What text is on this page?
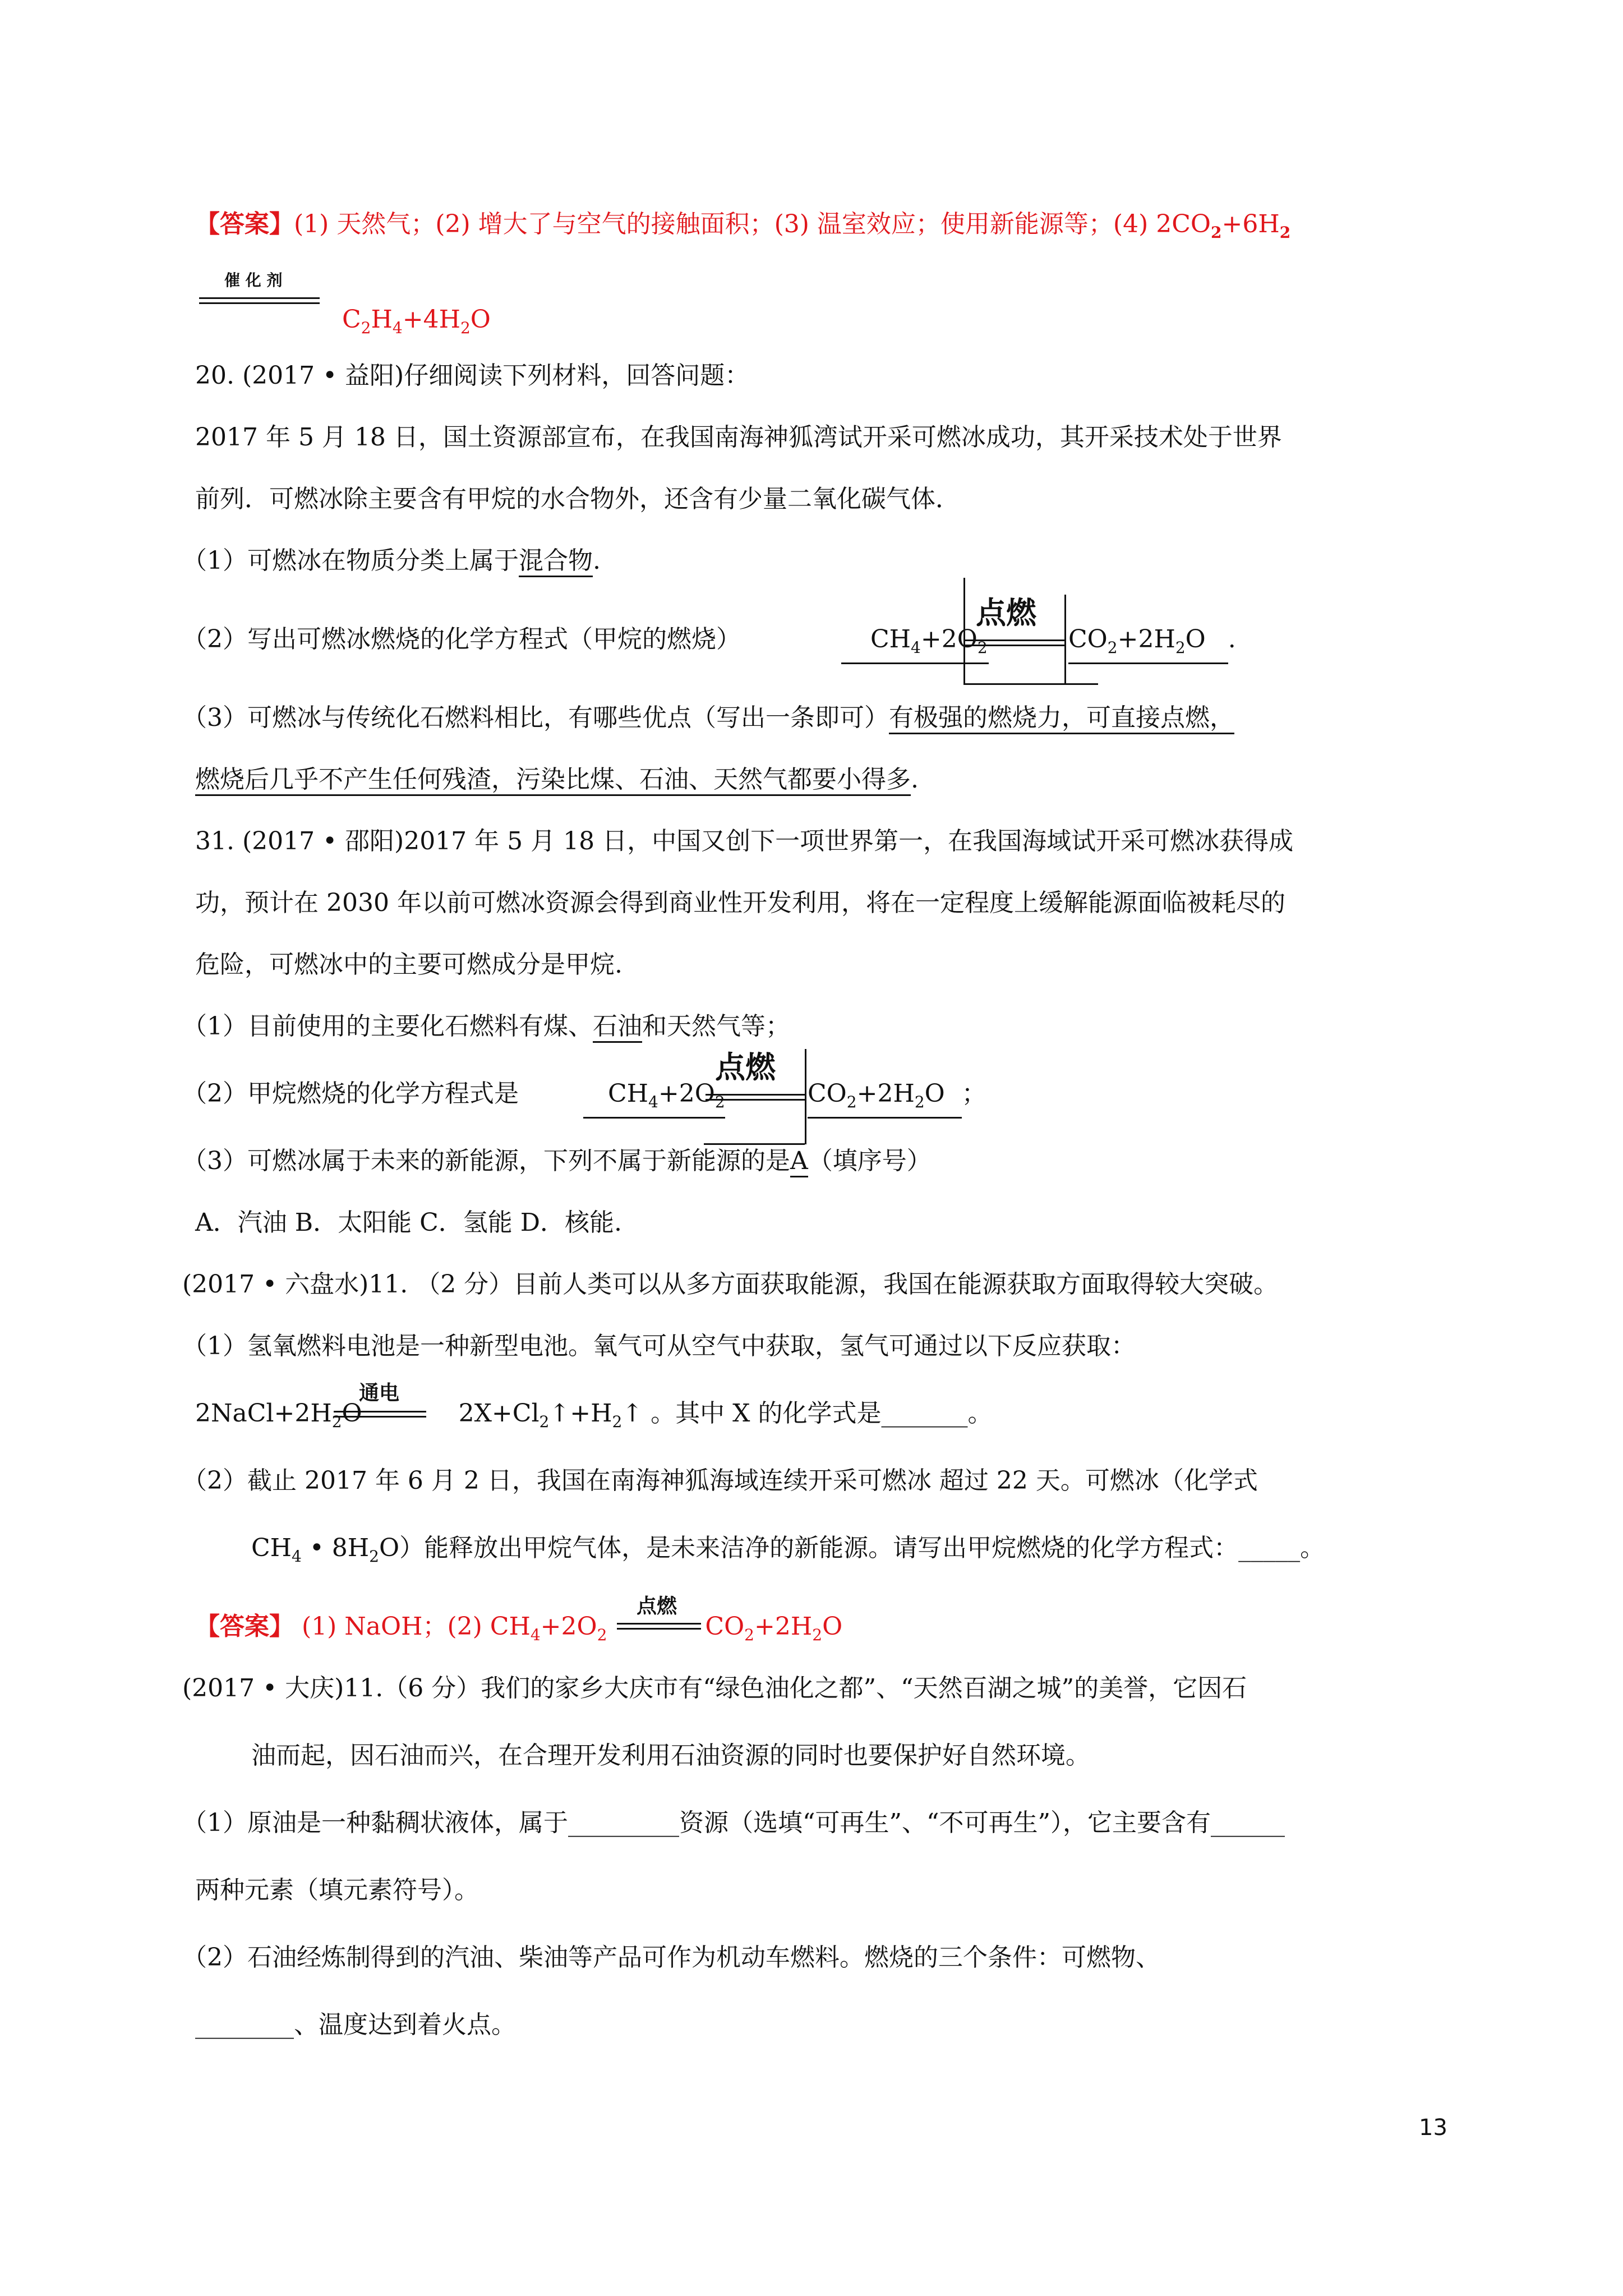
【答案】(1) 天然气；(2) 增大了与空气的接触面积；(3) 温室效应；使用新能源等；(4) $2CO_2+6H_2$
催 化 剂
$C_2H_4+4H_2O$
20. (2017 • 益阳)仔细阅读下列材料，回答问题：
2017 年 5 月 18 日，国土资源部宣布，在我国南海神狐湾试开采可燃冰成功，其开采技术处于世界
前列．可燃冰除主要含有甲烷的水合物外，还含有少量二氧化碳气体．
（1）可燃冰在物质分类上属于混合物.
（2）写出可燃冰燃烧的化学方程式（甲烷的燃烧）
点燃
$CH_4+2O_2$	$CO_2+2H_2O$ .
（3）可燃冰与传统化石燃料相比，有哪些优点（写出一条即可）有极强的燃烧力，可直接点燃，
燃烧后几乎不产生任何残渣，污染比煤、石油、天然气都要小得多.
31. (2017 • 邵阳)2017 年 5 月 18 日，中国又创下一项世界第一，在我国海域试开采可燃冰获得成
功，预计在 2030 年以前可燃冰资源会得到商业性开发利用，将在一定程度上缓解能源面临被耗尽的
危险，可燃冰中的主要可燃成分是甲烷.
（1）目前使用的主要化石燃料有煤、石油和天然气等；
（2）甲烷燃烧的化学方程式是
点燃
$CH_4+2O_2$	$CO_2+2H_2O$ ；
（3）可燃冰属于未来的新能源，下列不属于新能源的是A（填序号）
A．汽油 B．太阳能 C．氢能 D．核能.
(2017 • 六盘水)11. （2 分）目前人类可以从多方面获取能源，我国在能源获取方面取得较大突破。
（1）氢氧燃料电池是一种新型电池。氧气可从空气中获取，氢气可通过以下反应获取：
通电
$2NaCl+2H_2O$	$2X+Cl_2↑+H_2↑$ 。其中 X 的化学式是_______。
（2）截止 2017 年 6 月 2 日，我国在南海神狐海域连续开采可燃冰 超过 22 天。可燃冰（化学式
$CH_4$ • $8H_2O$）能释放出甲烷气体，是未来洁净的新能源。请写出甲烷燃烧的化学方程式：_____。
点燃
【答案】 (1) NaOH；(2) $CH_4+2O_2$	$CO_2+2H_2O$
(2017 • 大庆)11.（6 分）我们的家乡大庆市有“绿色油化之都”、“天然百湖之城”的美誉，它因石
油而起，因石油而兴，在合理开发利用石油资源的同时也要保护好自然环境。
（1）原油是一种黏稠状液体，属于_________资源（选填“可再生”、“不可再生”），它主要含有______
两种元素（填元素符号）。
（2）石油经炼制得到的汽油、柴油等产品可作为机动车燃料。燃烧的三个条件：可燃物、
________、温度达到着火点。
13
